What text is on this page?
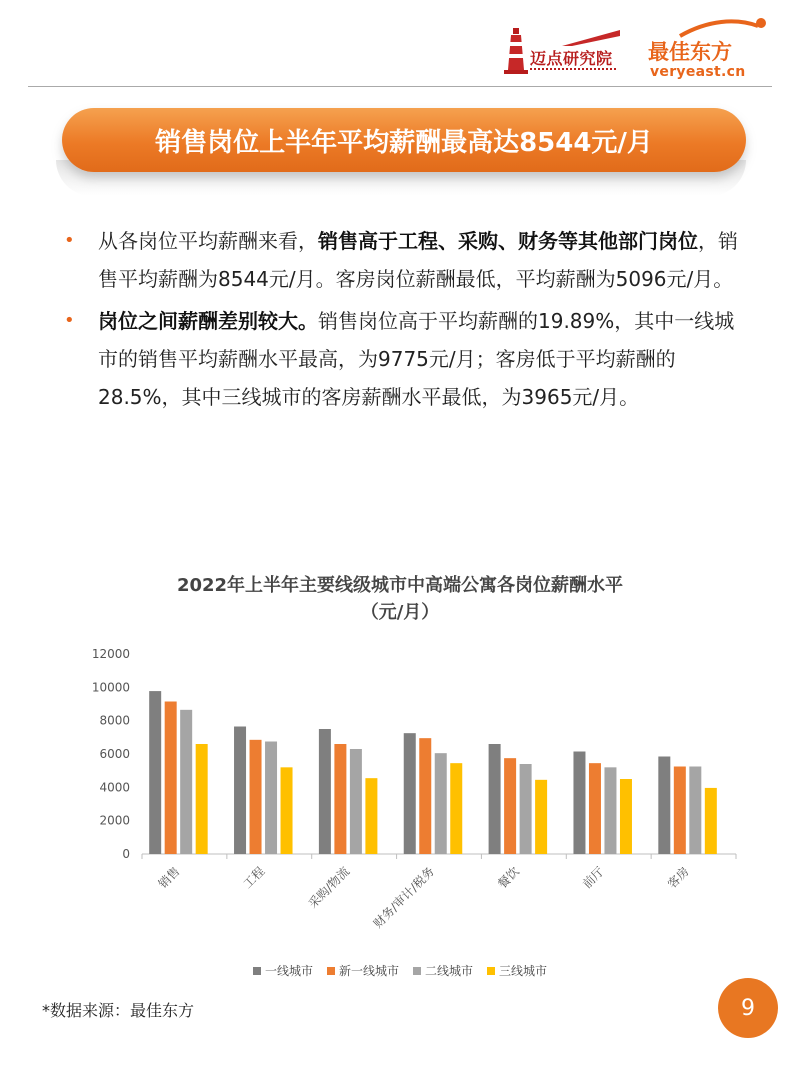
迈点研究院 最佳东方
veryeast.cn
销售岗位上半年平均薪酬最高达8544元/月
• 从各岗位平均薪酬来看，销售高于工程、采购、财务等其他部门岗位，销售平均薪酬为8544元/月。客房岗位薪酬最低，平均薪酬为5096元/月。
• 岗位之间薪酬差别较大。销售岗位高于平均薪酬的19.89%，其中一线城市的销售平均薪酬水平最高，为9775元/月；客房低于平均薪酬的28.5%，其中三线城市的客房薪酬水平最低，为3965元/月。
2022年上半年主要线级城市中高端公寓各岗位薪酬水平
（元/月）
0
2000
4000
6000
8000
10000
12000
销售	工程	采购/物流 财务/审计/税务	餐饮	前厅	客房
一线城市 新一线城市 二线城市 三线城市
*数据来源：最佳东方	9
